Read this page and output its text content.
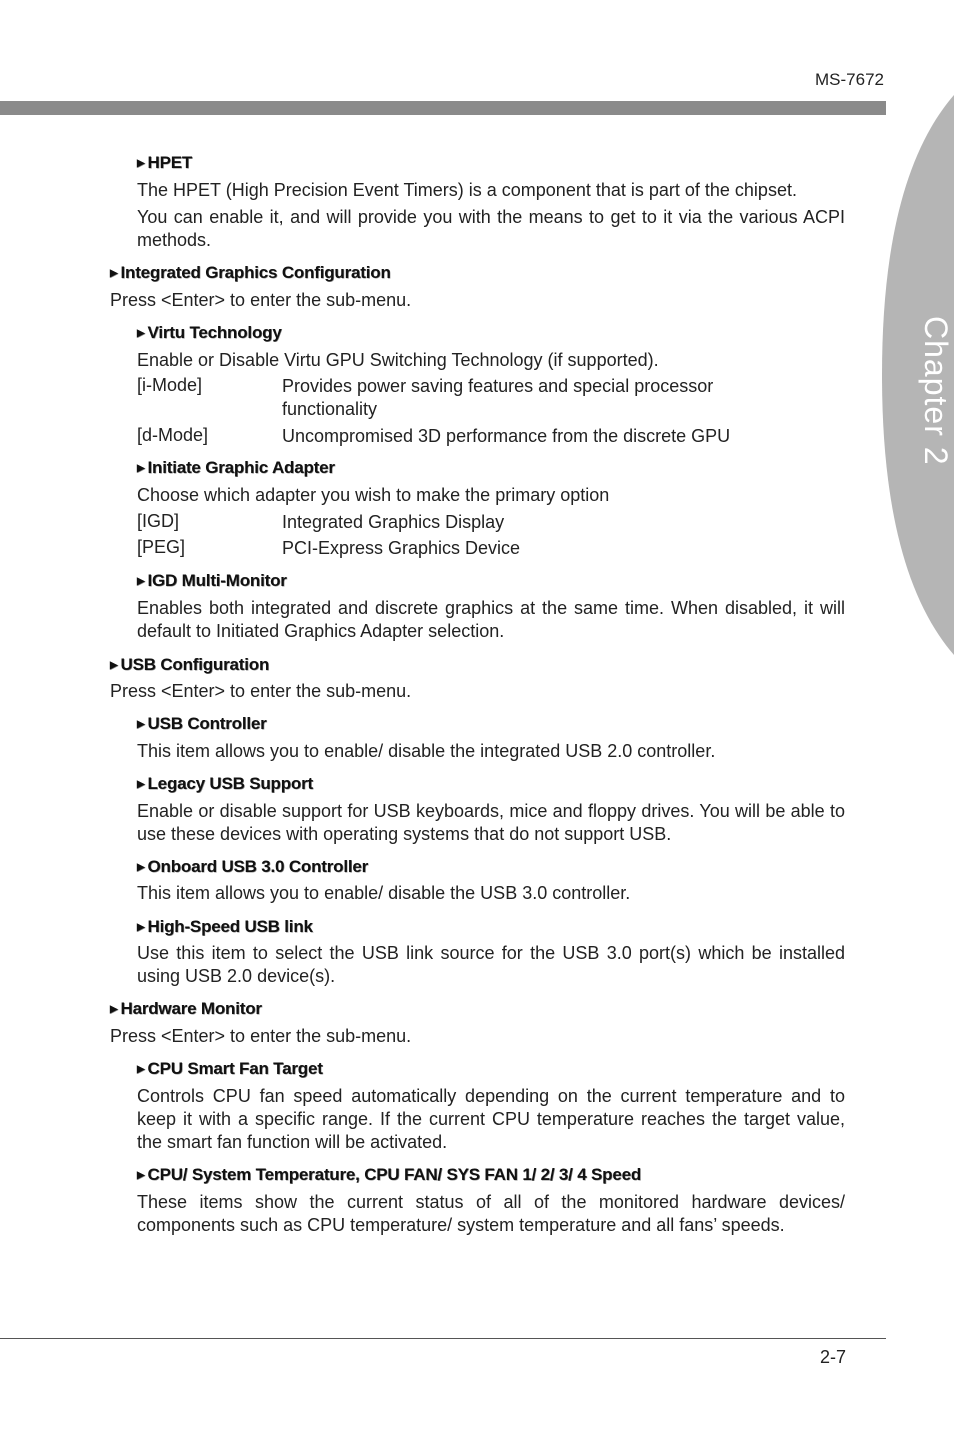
MS-7672
Chapter 2
▶ HPET
The HPET (High Precision Event Timers) is a component that is part of the chipset.
You can enable it, and will provide you with the means to get to it via the various ACPI methods.
▶ Integrated Graphics Configuration
Press <Enter> to enter the sub-menu.
▶ Virtu Technology
Enable or Disable Virtu GPU Switching Technology (if supported).
[i-Mode]	Provides power saving features and special processor functionality
[d-Mode]	Uncompromised 3D performance from the discrete GPU
▶ Initiate Graphic Adapter
Choose which adapter you wish to make the primary option
[IGD]	Integrated Graphics Display
[PEG]	PCI-Express Graphics Device
▶ IGD Multi-Monitor
Enables both integrated and discrete graphics at the same time. When disabled, it will default to Initiated Graphics Adapter selection.
▶ USB Configuration
Press <Enter> to enter the sub-menu.
▶ USB Controller
This item allows you to enable/ disable the integrated USB 2.0 controller.
▶ Legacy USB Support
Enable or disable support for USB keyboards, mice and floppy drives. You will be able to use these devices with operating systems that do not support USB.
▶ Onboard USB 3.0 Controller
This item allows you to enable/ disable the USB 3.0 controller.
▶ High-Speed USB link
Use this item to select the USB link source for the USB 3.0 port(s) which be installed using USB 2.0 device(s).
▶ Hardware Monitor
Press <Enter> to enter the sub-menu.
▶ CPU Smart Fan Target
Controls CPU fan speed automatically depending on the current temperature and to keep it with a specific range. If the current CPU temperature reaches the target value, the smart fan function will be activated.
▶ CPU/ System Temperature, CPU FAN/ SYS FAN 1/ 2/ 3/ 4 Speed
These items show the current status of all of the monitored hardware devices/ components such as CPU temperature/ system temperature and all fans’ speeds.
2-7
